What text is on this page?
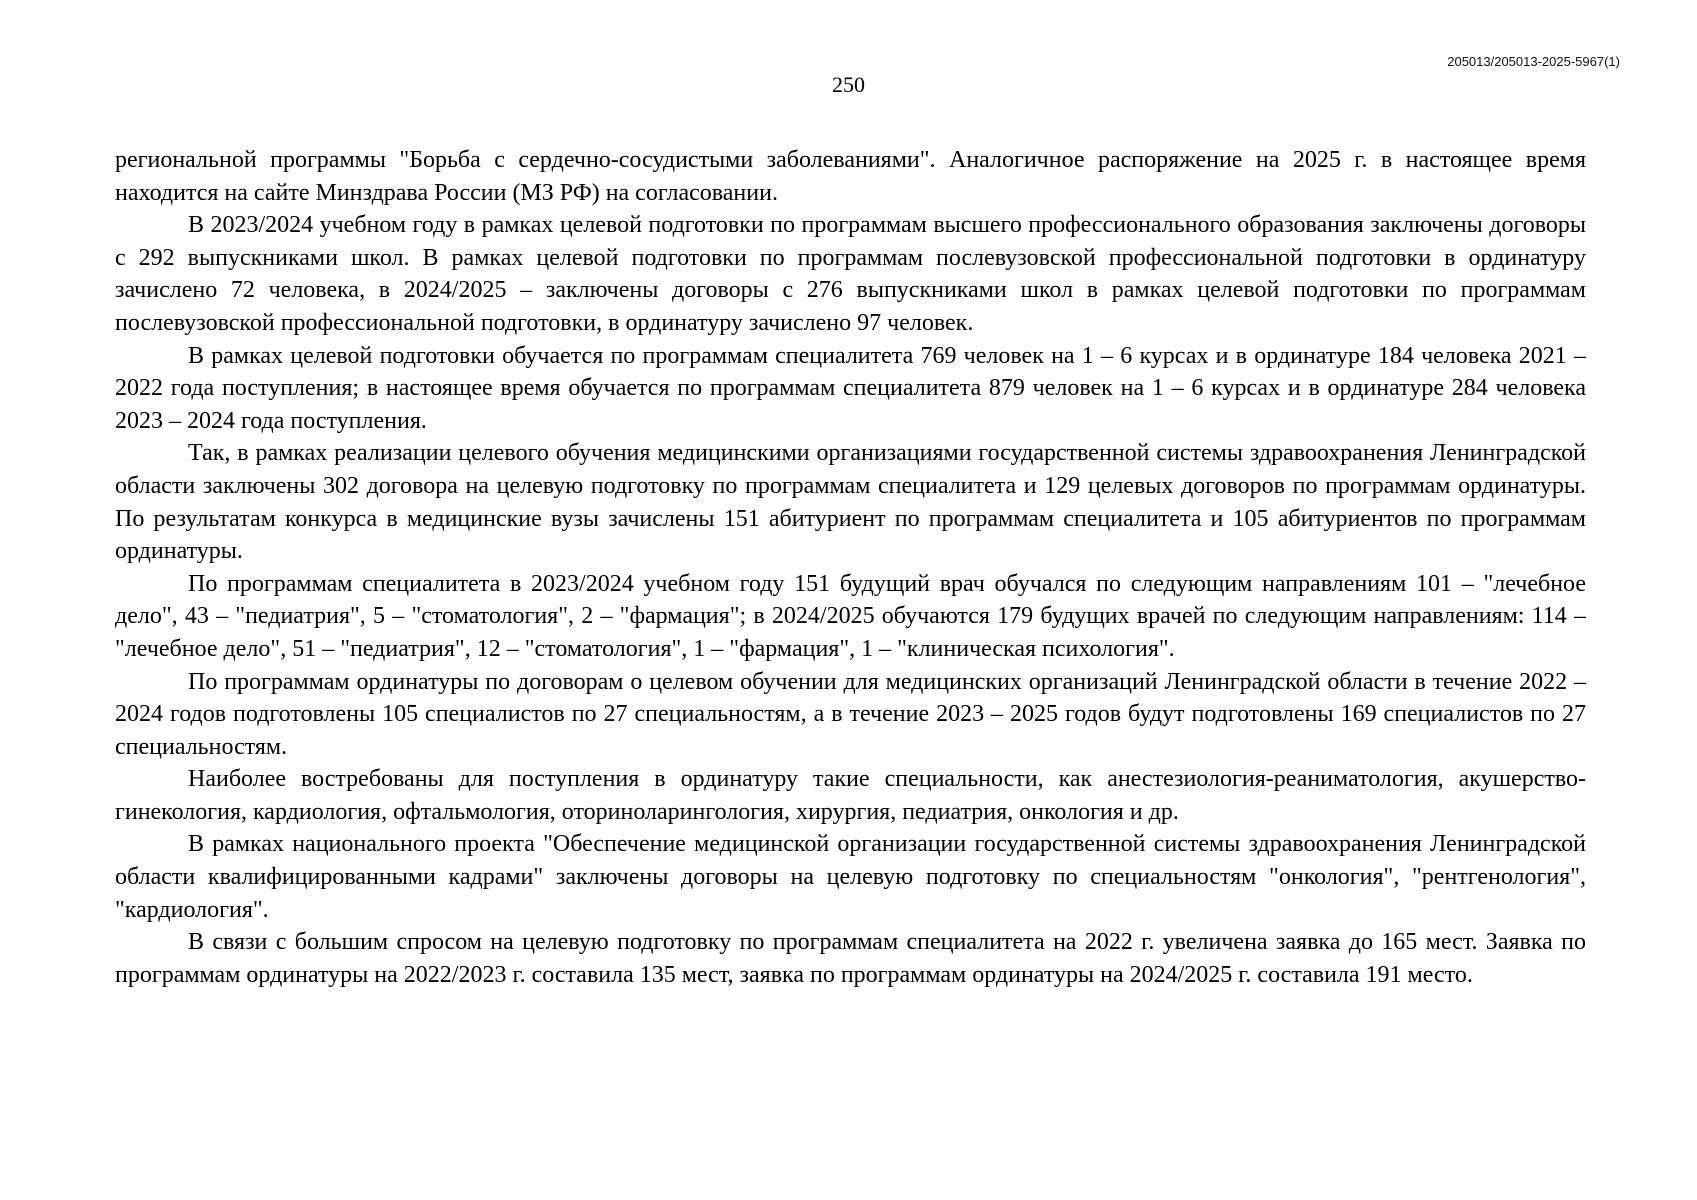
205013/205013-2025-5967(1)
250

региональной программы "Борьба с сердечно-сосудистыми заболеваниями". Аналогичное распоряжение на 2025 г. в настоящее время находится на сайте Минздрава России (МЗ РФ) на согласовании.

В 2023/2024 учебном году в рамках целевой подготовки по программам высшего профессионального образования заключены договоры с 292 выпускниками школ. В рамках целевой подготовки по программам послевузовской профессиональной подготовки в ординатуру зачислено 72 человека, в 2024/2025 – заключены договоры с 276 выпускниками школ в рамках целевой подготовки по программам послевузовской профессиональной подготовки, в ординатуру зачислено 97 человек.

В рамках целевой подготовки обучается по программам специалитета 769 человек на 1 – 6 курсах и в ординатуре 184 человека 2021 – 2022 года поступления; в настоящее время обучается по программам специалитета 879 человек на 1 – 6 курсах и в ординатуре 284 человека 2023 – 2024 года поступления.

Так, в рамках реализации целевого обучения медицинскими организациями государственной системы здравоохранения Ленинградской области заключены 302 договора на целевую подготовку по программам специалитета и 129 целевых договоров по программам ординатуры. По результатам конкурса в медицинские вузы зачислены 151 абитуриент по программам специалитета и 105 абитуриентов по программам ординатуры.

По программам специалитета в 2023/2024 учебном году 151 будущий врач обучался по следующим направлениям 101 – "лечебное дело", 43 – "педиатрия", 5 – "стоматология", 2 – "фармация"; в 2024/2025 обучаются 179 будущих врачей по следующим направлениям: 114 – "лечебное дело", 51 – "педиатрия", 12 – "стоматология", 1 – "фармация", 1 – "клиническая психология".

По программам ординатуры по договорам о целевом обучении для медицинских организаций Ленинградской области в течение 2022 – 2024 годов подготовлены 105 специалистов по 27 специальностям, а в течение 2023 – 2025 годов будут подготовлены 169 специалистов по 27 специальностям.

Наиболее востребованы для поступления в ординатуру такие специальности, как анестезиология-реаниматология, акушерство-гинекология, кардиология, офтальмология, оториноларингология, хирургия, педиатрия, онкология и др.

В рамках национального проекта "Обеспечение медицинской организации государственной системы здравоохранения Ленинградской области квалифицированными кадрами" заключены договоры на целевую подготовку по специальностям "онкология", "рентгенология", "кардиология".

В связи с большим спросом на целевую подготовку по программам специалитета на 2022 г. увеличена заявка до 165 мест. Заявка по программам ординатуры на 2022/2023 г. составила 135 мест, заявка по программам ординатуры на 2024/2025 г. составила 191 место.
